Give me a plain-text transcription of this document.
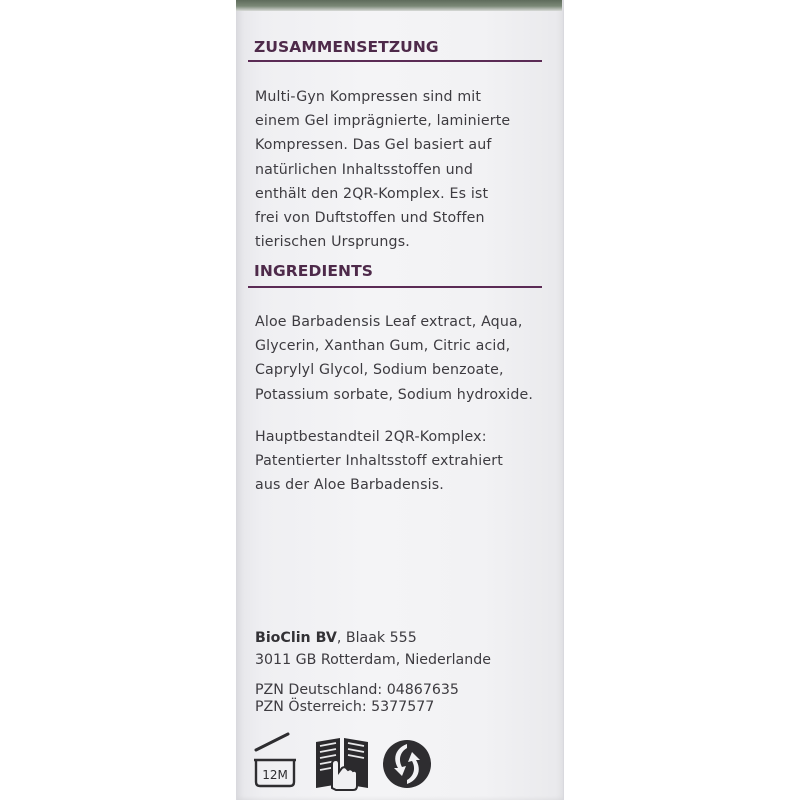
ZUSAMMENSETZUNG
Multi-Gyn Kompressen sind mit
einem Gel imprägnierte, laminierte
Kompressen. Das Gel basiert auf
natürlichen Inhaltsstoffen und
enthält den 2QR-Komplex. Es ist
frei von Duftstoffen und Stoffen
tierischen Ursprungs.
INGREDIENTS
Aloe Barbadensis Leaf extract, Aqua,
Glycerin, Xanthan Gum, Citric acid,
Caprylyl Glycol, Sodium benzoate,
Potassium sorbate, Sodium hydroxide.
Hauptbestandteil 2QR-Komplex:
Patentierter Inhaltsstoff extrahiert
aus der Aloe Barbadensis.
BioClin BV, Blaak 555
3011 GB Rotterdam, Niederlande
PZN Deutschland: 04867635
PZN Österreich: 5377577
12M
